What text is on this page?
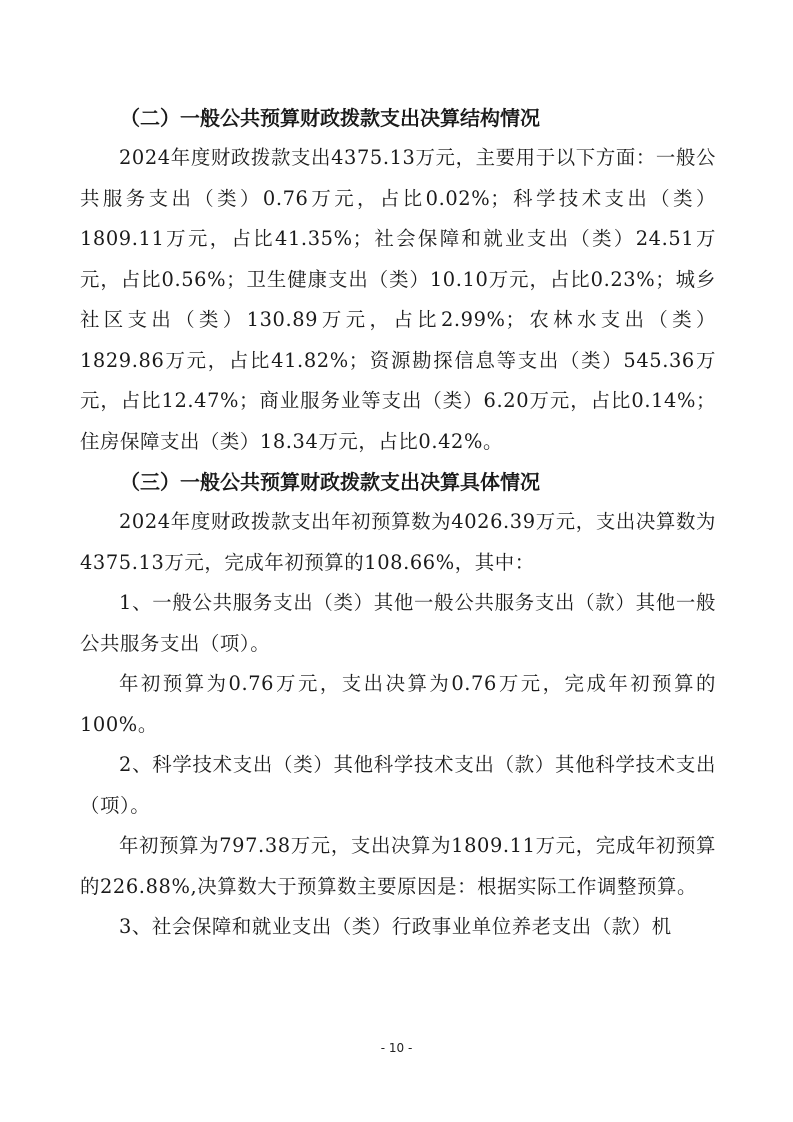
（二）一般公共预算财政拨款支出决算结构情况

2024年度财政拨款支出4375.13万元，主要用于以下方面：一般公共服务支出（类）0.76万元，占比0.02%；科学技术支出（类）1809.11万元，占比41.35%；社会保障和就业支出（类）24.51万元，占比0.56%；卫生健康支出（类）10.10万元，占比0.23%；城乡社区支出（类）130.89万元，占比2.99%；农林水支出（类）1829.86万元，占比41.82%；资源勘探信息等支出（类）545.36万元，占比12.47%；商业服务业等支出（类）6.20万元，占比0.14%；住房保障支出（类）18.34万元，占比0.42%。

（三）一般公共预算财政拨款支出决算具体情况

2024年度财政拨款支出年初预算数为4026.39万元，支出决算数为4375.13万元，完成年初预算的108.66%，其中：

1、一般公共服务支出（类）其他一般公共服务支出（款）其他一般公共服务支出（项）。

年初预算为0.76万元，支出决算为0.76万元，完成年初预算的100%。

2、科学技术支出（类）其他科学技术支出（款）其他科学技术支出（项）。

年初预算为797.38万元，支出决算为1809.11万元，完成年初预算的226.88%,决算数大于预算数主要原因是：根据实际工作调整预算。

3、社会保障和就业支出（类）行政事业单位养老支出（款）机

- 10 -
